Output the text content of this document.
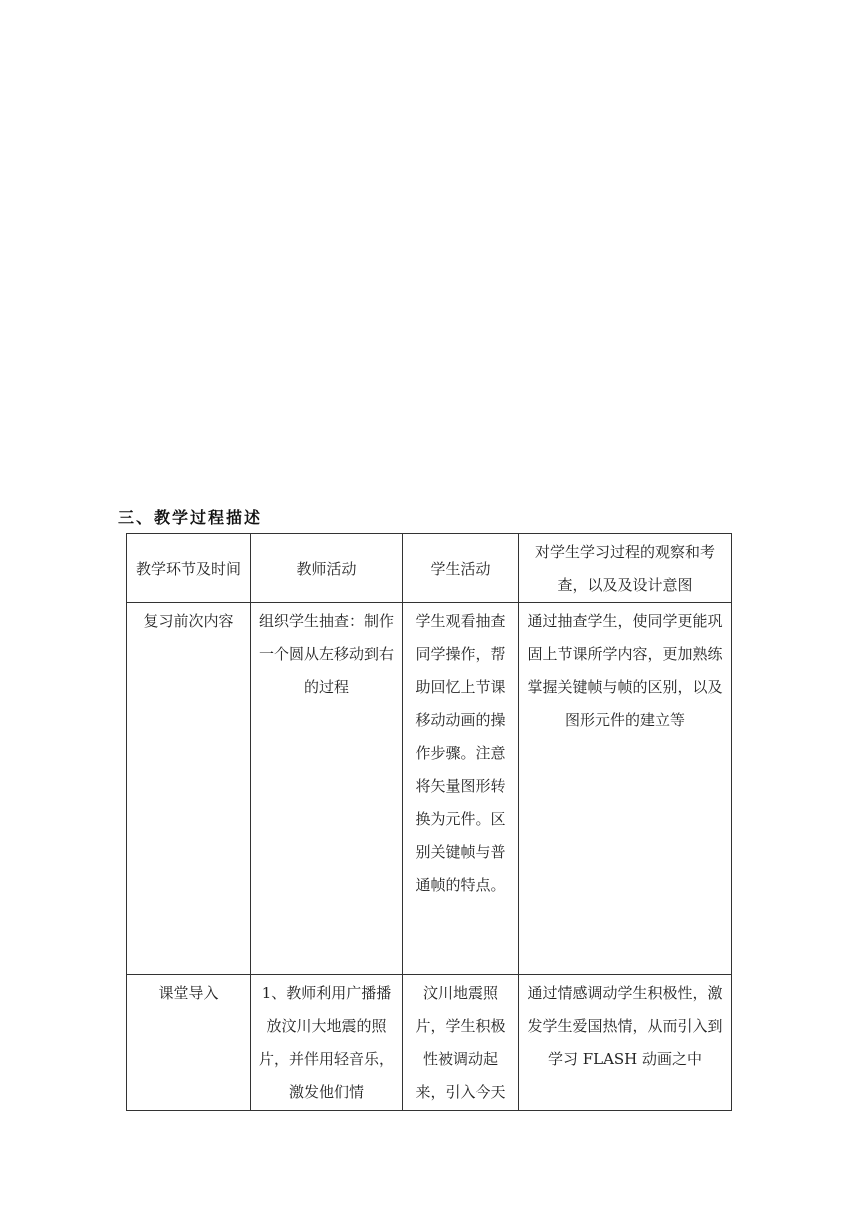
三、教学过程描述
教学环节及时间	教师活动	学生活动	对学生学习过程的观察和考查，以及及设计意图
复习前次内容	组织学生抽查：制作一个圆从左移动到右的过程	学生观看抽查同学操作，帮助回忆上节课移动动画的操作步骤。注意将矢量图形转换为元件。区别关键帧与普通帧的特点。	通过抽查学生，使同学更能巩固上节课所学内容，更加熟练掌握关键帧与帧的区别，以及图形元件的建立等
课堂导入	1、教师利用广播播放汶川大地震的照片，并伴用轻音乐，激发他们情	汶川地震照片，学生积极性被调动起来，引入今天	通过情感调动学生积极性，激发学生爱国热情，从而引入到学习 FLASH 动画之中
